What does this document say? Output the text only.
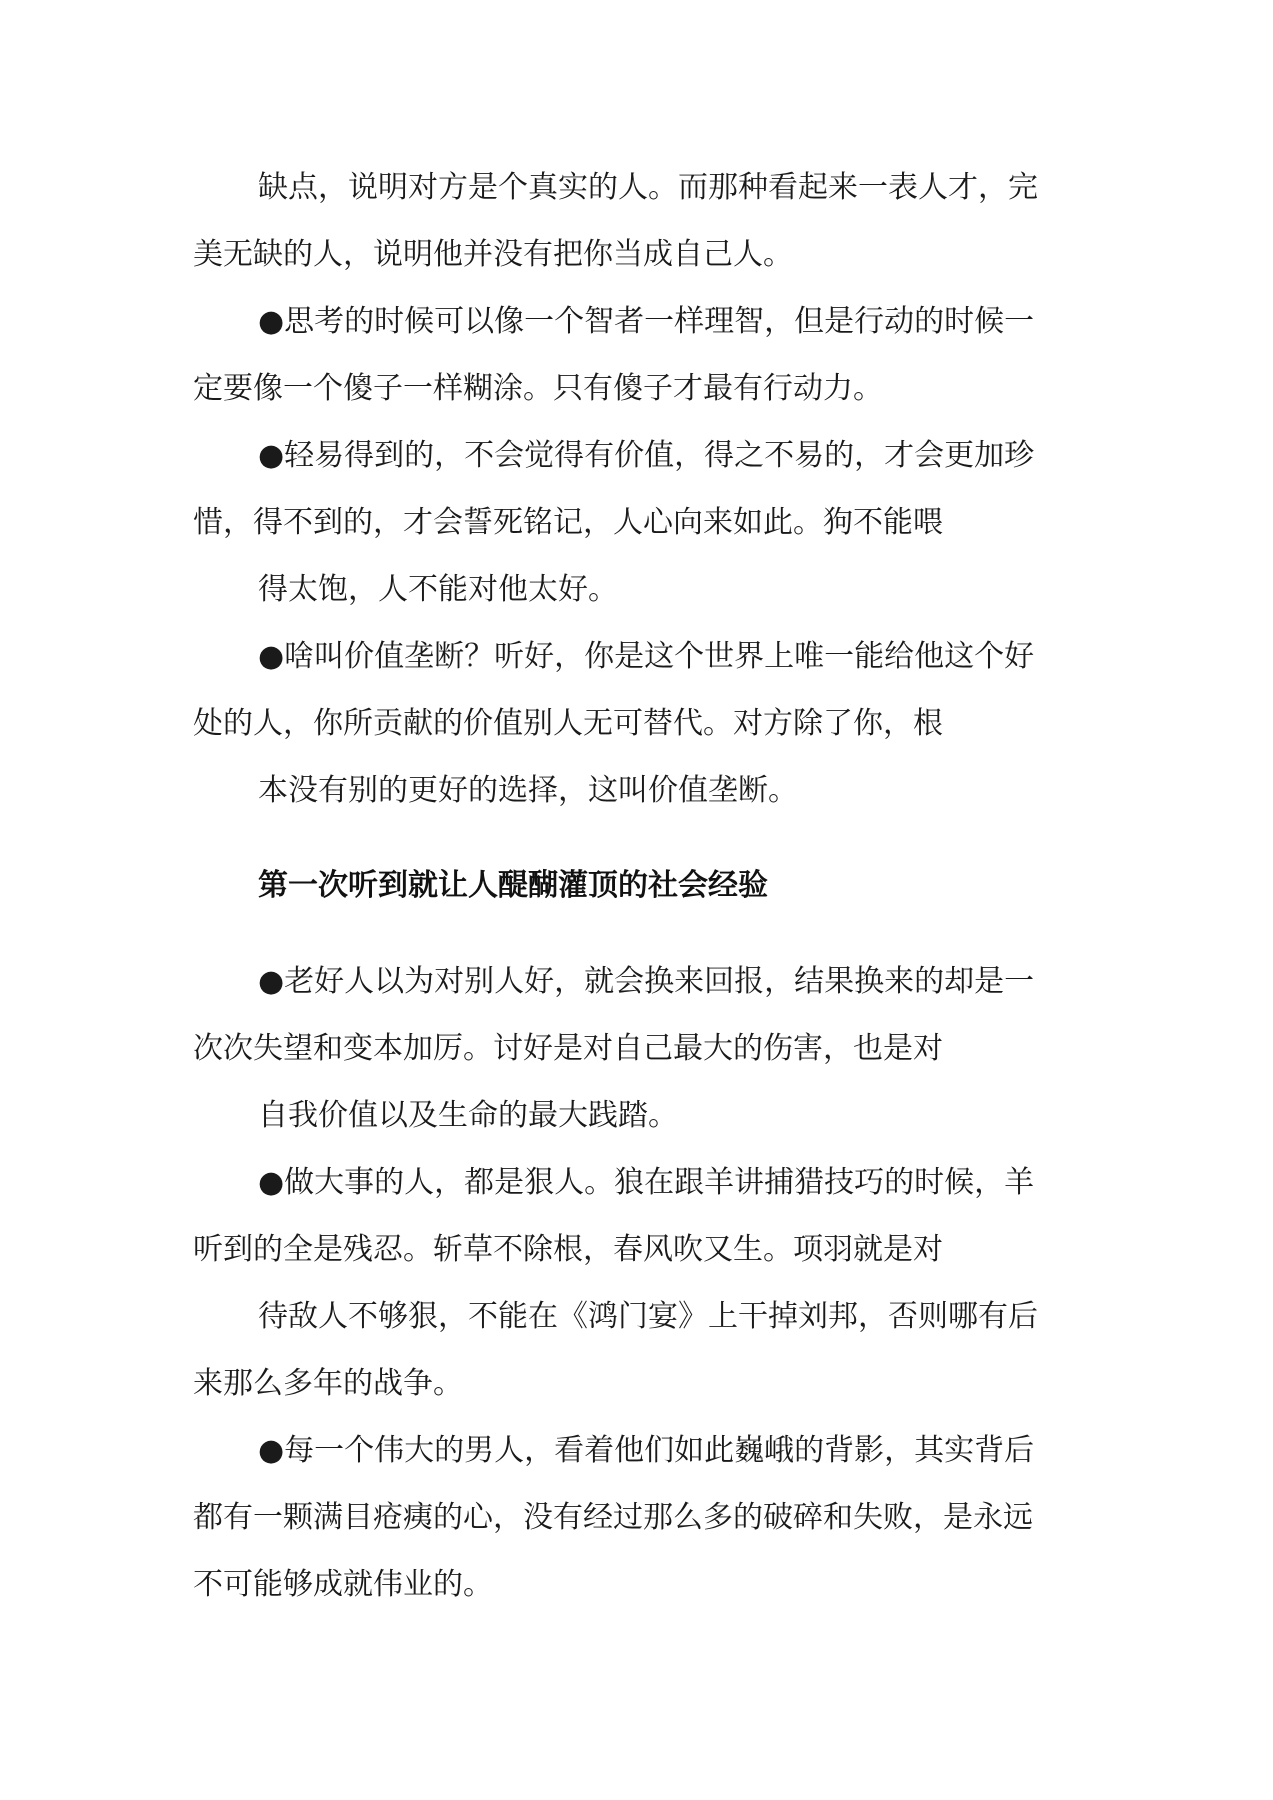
缺点，说明对方是个真实的人。而那种看起来一表人才，完
美无缺的人，说明他并没有把你当成自己人。
●思考的时候可以像一个智者一样理智，但是行动的时候一
定要像一个傻子一样糊涂。只有傻子才最有行动力。
●轻易得到的，不会觉得有价值，得之不易的，才会更加珍
惜，得不到的，才会誓死铭记，人心向来如此。狗不能喂
得太饱，人不能对他太好。
●啥叫价值垄断？听好，你是这个世界上唯一能给他这个好
处的人，你所贡献的价值别人无可替代。对方除了你，根
本没有别的更好的选择，这叫价值垄断。
第一次听到就让人醍醐灌顶的社会经验
●老好人以为对别人好，就会换来回报，结果换来的却是一
次次失望和变本加厉。讨好是对自己最大的伤害，也是对
自我价值以及生命的最大践踏。
●做大事的人，都是狠人。狼在跟羊讲捕猎技巧的时候，羊
听到的全是残忍。斩草不除根，春风吹又生。项羽就是对
待敌人不够狠，不能在《鸿门宴》上干掉刘邦，否则哪有后
来那么多年的战争。
●每一个伟大的男人，看着他们如此巍峨的背影，其实背后
都有一颗满目疮痍的心，没有经过那么多的破碎和失败，是永远
不可能够成就伟业的。
